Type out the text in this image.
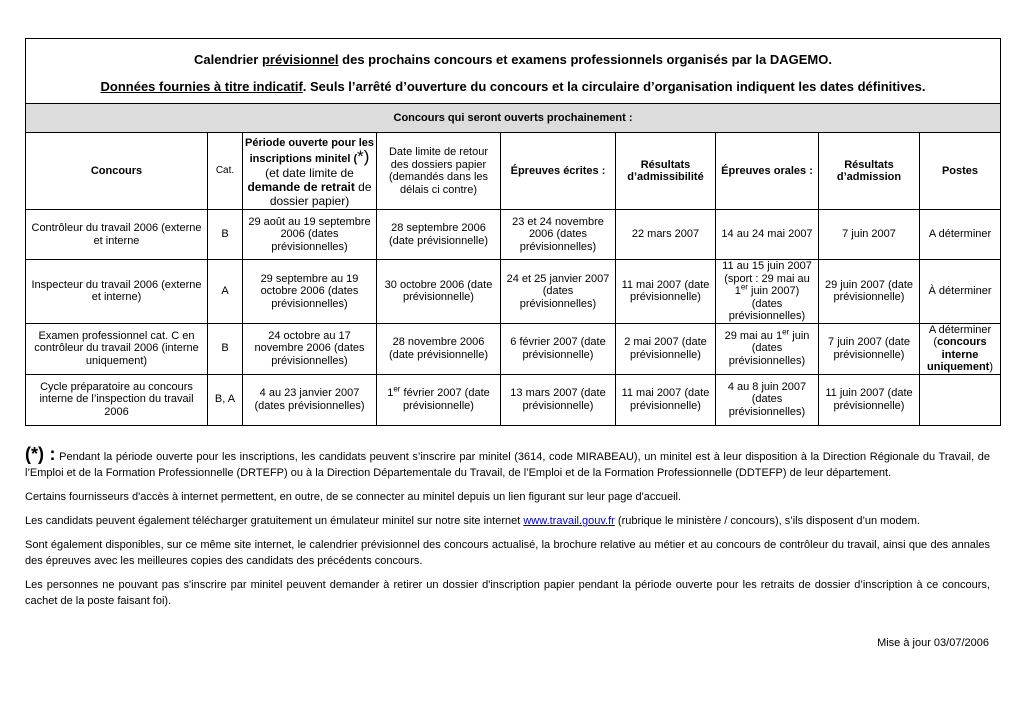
Calendrier prévisionnel des prochains concours et examens professionnels organisés par la DAGEMO.
Données fournies à titre indicatif. Seuls l’arrêté d’ouverture du concours et la circulaire d’organisation indiquent les dates définitives.								

Concours qui seront ouverts prochainement :								
Concours	Cat.	Période ouverte pour les inscriptions minitel (*) (et date limite de demande de retrait de dossier papier)	Date limite de retour des dossiers papier (demandés dans les délais ci contre)	Épreuves écrites :	Résultats d’admissibilité	Épreuves orales :	Résultats d’admission	Postes
Contrôleur du travail 2006 (externe et interne	B	29 août au 19 septembre 2006 (dates prévisionnelles)	28 septembre 2006 (date prévisionnelle)	23 et 24 novembre 2006 (dates prévisionnelles)	22 mars 2007	14 au 24 mai 2007	7 juin 2007	A déterminer
Inspecteur du travail 2006 (externe et interne)	A	29 septembre au 19 octobre 2006 (dates prévisionnelles)	30 octobre 2006 (date prévisionnelle)	24 et 25 janvier 2007 (dates prévisionnelles)	11 mai 2007 (date prévisionnelle)	11 au 15 juin 2007 (sport : 29 mai au 1er juin 2007) (dates prévisionnelles)	29 juin 2007 (date prévisionnelle)	À déterminer
Examen professionnel cat. C en contrôleur du travail 2006 (interne uniquement)	B	24 octobre au 17 novembre 2006 (dates prévisionnelles)	28 novembre 2006 (date prévisionnelle)	6 février 2007 (date prévisionnelle)	2 mai 2007 (date prévisionnelle)	29 mai au 1er juin (dates prévisionnelles)	7 juin 2007 (date prévisionnelle)	A déterminer (concours interne uniquement)
Cycle préparatoire au concours interne de l’inspection du travail 2006	B, A	4 au 23 janvier 2007 (dates prévisionnelles)	1er février 2007 (date prévisionnelle)	13 mars 2007 (date prévisionnelle)	11 mai 2007 (date prévisionnelle)	4 au 8 juin 2007 (dates prévisionnelles)	11 juin 2007 (date prévisionnelle)	

(*) : Pendant la période ouverte pour les inscriptions, les candidats peuvent s’inscrire par minitel (3614, code MIRABEAU), un minitel est à leur disposition à la Direction Régionale du Travail, de l’Emploi et de la Formation Professionnelle (DRTEFP) ou à la Direction Départementale du Travail, de l’Emploi et de la Formation Professionnelle (DDTEFP) de leur département.

Certains fournisseurs d'accès à internet permettent, en outre, de se connecter au minitel depuis un lien figurant sur leur page d'accueil.

Les candidats peuvent également télécharger gratuitement un émulateur minitel sur notre site internet www.travail.gouv.fr (rubrique le ministère / concours), s’ils disposent d’un modem.

Sont également disponibles, sur ce même site internet, le calendrier prévisionnel des concours actualisé, la brochure relative au métier et au concours de contrôleur du travail, ainsi que des annales des épreuves avec les meilleures copies des candidats des précédents concours.

Les personnes ne pouvant pas s'inscrire par minitel peuvent demander à retirer un dossier d'inscription papier pendant la période ouverte pour les retraits de dossier d’inscription à ce concours, cachet de la poste faisant foi).

Mise à jour 03/07/2006
